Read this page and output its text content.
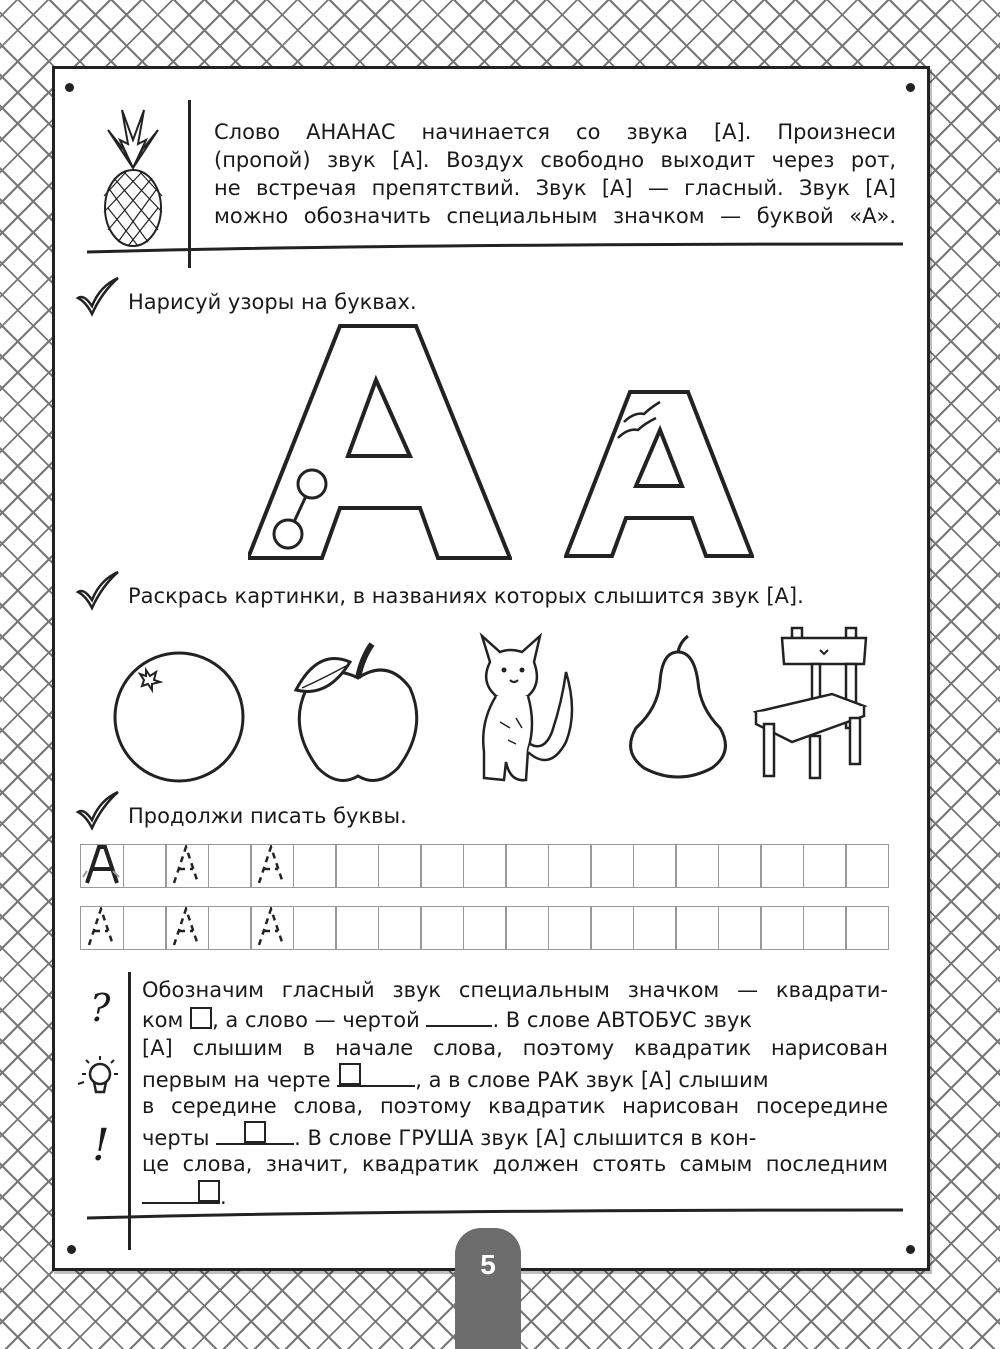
Слово АНАНАС начинается со звука [А]. Произнеси
(пропой) звук [А]. Воздух свободно выходит через рот,
не встречая препятствий. Звук [А] — гласный. Звук [А]
можно обозначить специальным значком — буквой «А».
Нарисуй узоры на буквах.
Раскрась картинки, в названиях которых слышится звук [А].
Продолжи писать буквы.
?
!
Обозначим гласный звук специальным значком — квадрати-
ком , а слово — чертой	. В слове АВТОБУС звук
[А] слышим в начале слова, поэтому квадратик нарисован
первым на черте	, а в слове РАК звук [А] слышим
в середине слова, поэтому квадратик нарисован посередине
черты	. В слове ГРУША звук [А] слышится в кон-
це слова, значит, квадратик должен стоять самым последним
.
5
